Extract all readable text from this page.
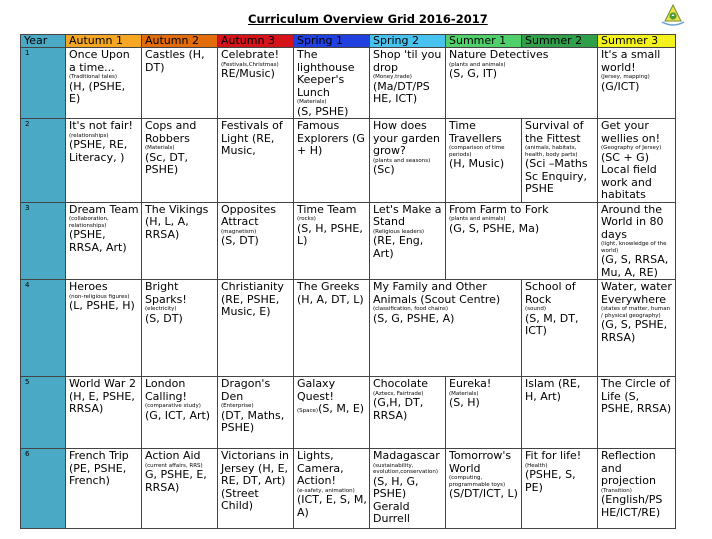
Curriculum Overview Grid 2016-2017
Year	Autumn 1	Autumn 2	Autumn 3	Spring 1	Spring 2	Summer 1	Summer 2	Summer 3
1	Once Upon a time...
(Traditional tales)
(H, (PSHE, E)	Castles (H, DT)	Celebrate!
(Festivals,Christmas)
RE/Music)	The lighthouse Keeper's Lunch
(Materials)
(S, PSHE)	Shop 'til you drop
(Money,trade)
(Ma/DT/PS HE, ICT)	Nature Detectives
(plants and animals)
(S, G, IT)		It's a small world!
(Jersey, mapping)
(G/ICT)

2	It's not fair!
(relationships)
(PSHE, RE, Literacy, )	Cops and Robbers
(Materials)
(Sc, DT, PSHE)	Festivals of Light (RE, Music,	Famous Explorers (G + H)	How does your garden grow?
(plants and seasons)
(Sc)	Time Travellers
(comparison of time periods)
(H, Music)	Survival of the Fittest
(animals, habitats, health, body parts)
(Sci –Maths Sc Enquiry, PSHE	Get your wellies on!
(Geography of Jersey)
(SC + G) Local field work and habitats

3	Dream Team
(collaboration, relationships)
(PSHE, RRSA, Art)	The Vikings (H, L, A, RRSA)	Opposites Attract
(magnetism)
(S, DT)	Time Team
(rocks)
(S, H, PSHE, L)	Let's Make a Stand
(Religious leaders)
(RE, Eng, Art)	From Farm to Fork
(plants and animals)
(G, S, PSHE, Ma)		Around the World in 80 days
(light, knowledge of the world)
(G, S, RRSA, Mu, A, RE)

4	Heroes
(non-religious figures)
(L, PSHE, H)	Bright Sparks!
(electricity)
(S, DT)	Christianity (RE, PSHE, Music, E)	The Greeks (H, A, DT, L)	My Family and Other Animals (Scout Centre)
(classification, food chains)
(S, G, PSHE, A)		School of Rock
(sound)
(S, M, DT, ICT)	Water, water Everywhere
(states of matter, human / physical geography)
(G, S, PSHE, RRSA)

5	World War 2 (H, E, PSHE, RRSA)	London Calling!
(comparative study)
(G, ICT, Art)	Dragon's Den
(Enterprise)
(DT, Maths, PSHE)	Galaxy Quest!
(Space)(S, M, E)	Chocolate
(Aztecs, Fairtrade)
(G,H, DT, RRSA)	Eureka!
(Materials)
(S, H)	Islam (RE, H, Art)	The Circle of Life (S, PSHE, RRSA)

6	French Trip (PE, PSHE, French)	Action Aid
(current affairs, RRS)
G, PSHE, E, RRSA)	Victorians in Jersey (H, E, RE, DT, Art) (Street Child)	Lights, Camera, Action!
(e-safety, animation)
(ICT, E, S, M, A)	Madagascar
(sustainability, evolution,conservation)
(S, H, G, PSHE) Gerald Durrell	Tomorrow's World
(computing, programmable toys)
(S/DT/ICT, L)	Fit for life!
(Health)
(PSHE, S, PE)	Reflection and projection
(Transition)
(English/PS HE/ICT/RE)
